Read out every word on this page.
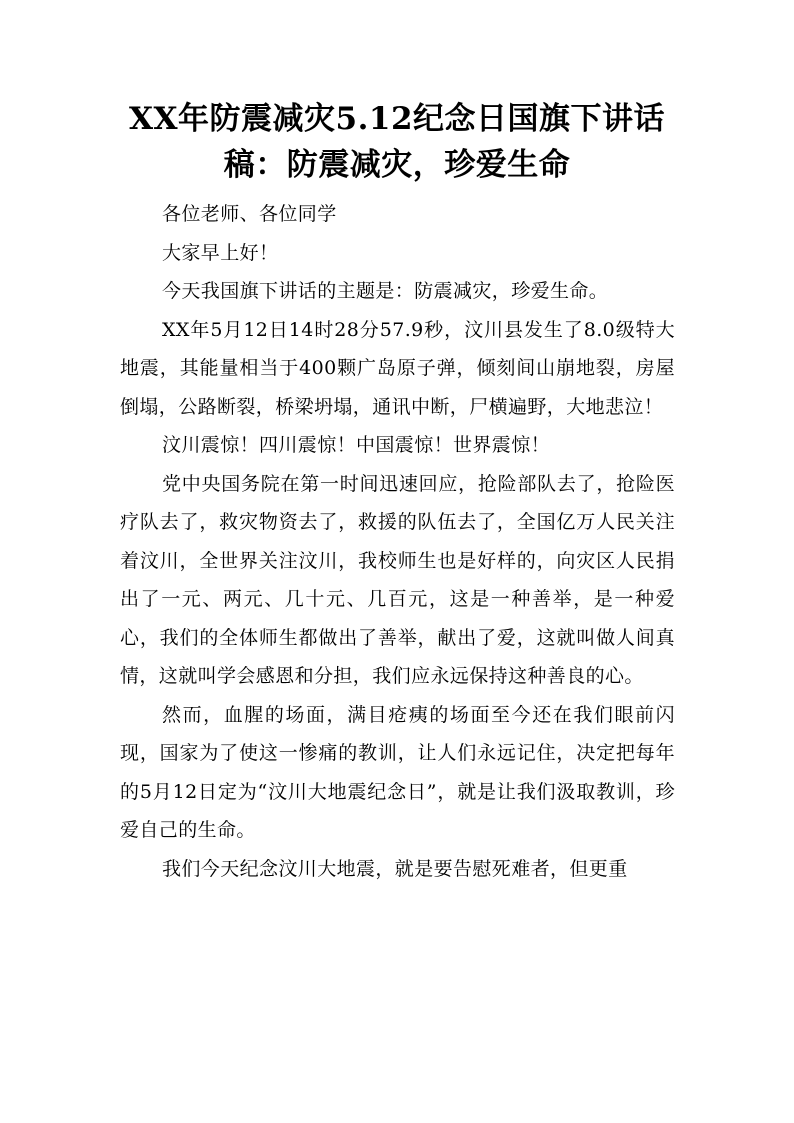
XX年防震减灾5.12纪念日国旗下讲话
稿：防震减灾，珍爱生命

各位老师、各位同学

大家早上好！

今天我国旗下讲话的主题是：防震减灾，珍爱生命。

XX年5月12日14时28分57.9秒，汶川县发生了8.0级特大地震，其能量相当于400颗广岛原子弹，倾刻间山崩地裂，房屋倒塌，公路断裂，桥梁坍塌，通讯中断，尸横遍野，大地悲泣！

汶川震惊！四川震惊！中国震惊！世界震惊！

党中央国务院在第一时间迅速回应，抢险部队去了，抢险医疗队去了，救灾物资去了，救援的队伍去了，全国亿万人民关注着汶川，全世界关注汶川，我校师生也是好样的，向灾区人民捐出了一元、两元、几十元、几百元，这是一种善举，是一种爱心，我们的全体师生都做出了善举，献出了爱，这就叫做人间真情，这就叫学会感恩和分担，我们应永远保持这种善良的心。

然而，血腥的场面，满目疮痍的场面至今还在我们眼前闪现，国家为了使这一惨痛的教训，让人们永远记住，决定把每年的5月12日定为“汶川大地震纪念日”，就是让我们汲取教训，珍爱自己的生命。

我们今天纪念汶川大地震，就是要告慰死难者，但更重
